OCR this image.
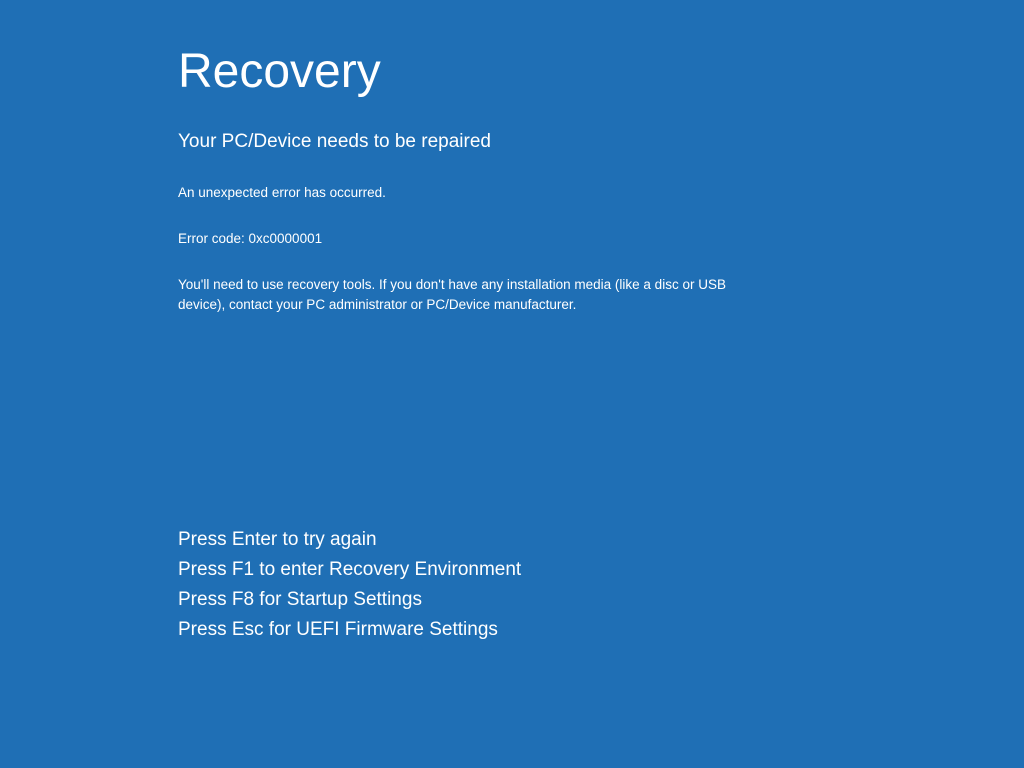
Recovery
Your PC/Device needs to be repaired
An unexpected error has occurred.
Error code: 0xc0000001
You'll need to use recovery tools. If you don't have any installation media (like a disc or USB device), contact your PC administrator or PC/Device manufacturer.
Press Enter to try again
Press F1 to enter Recovery Environment
Press F8 for Startup Settings
Press Esc for UEFI Firmware Settings
